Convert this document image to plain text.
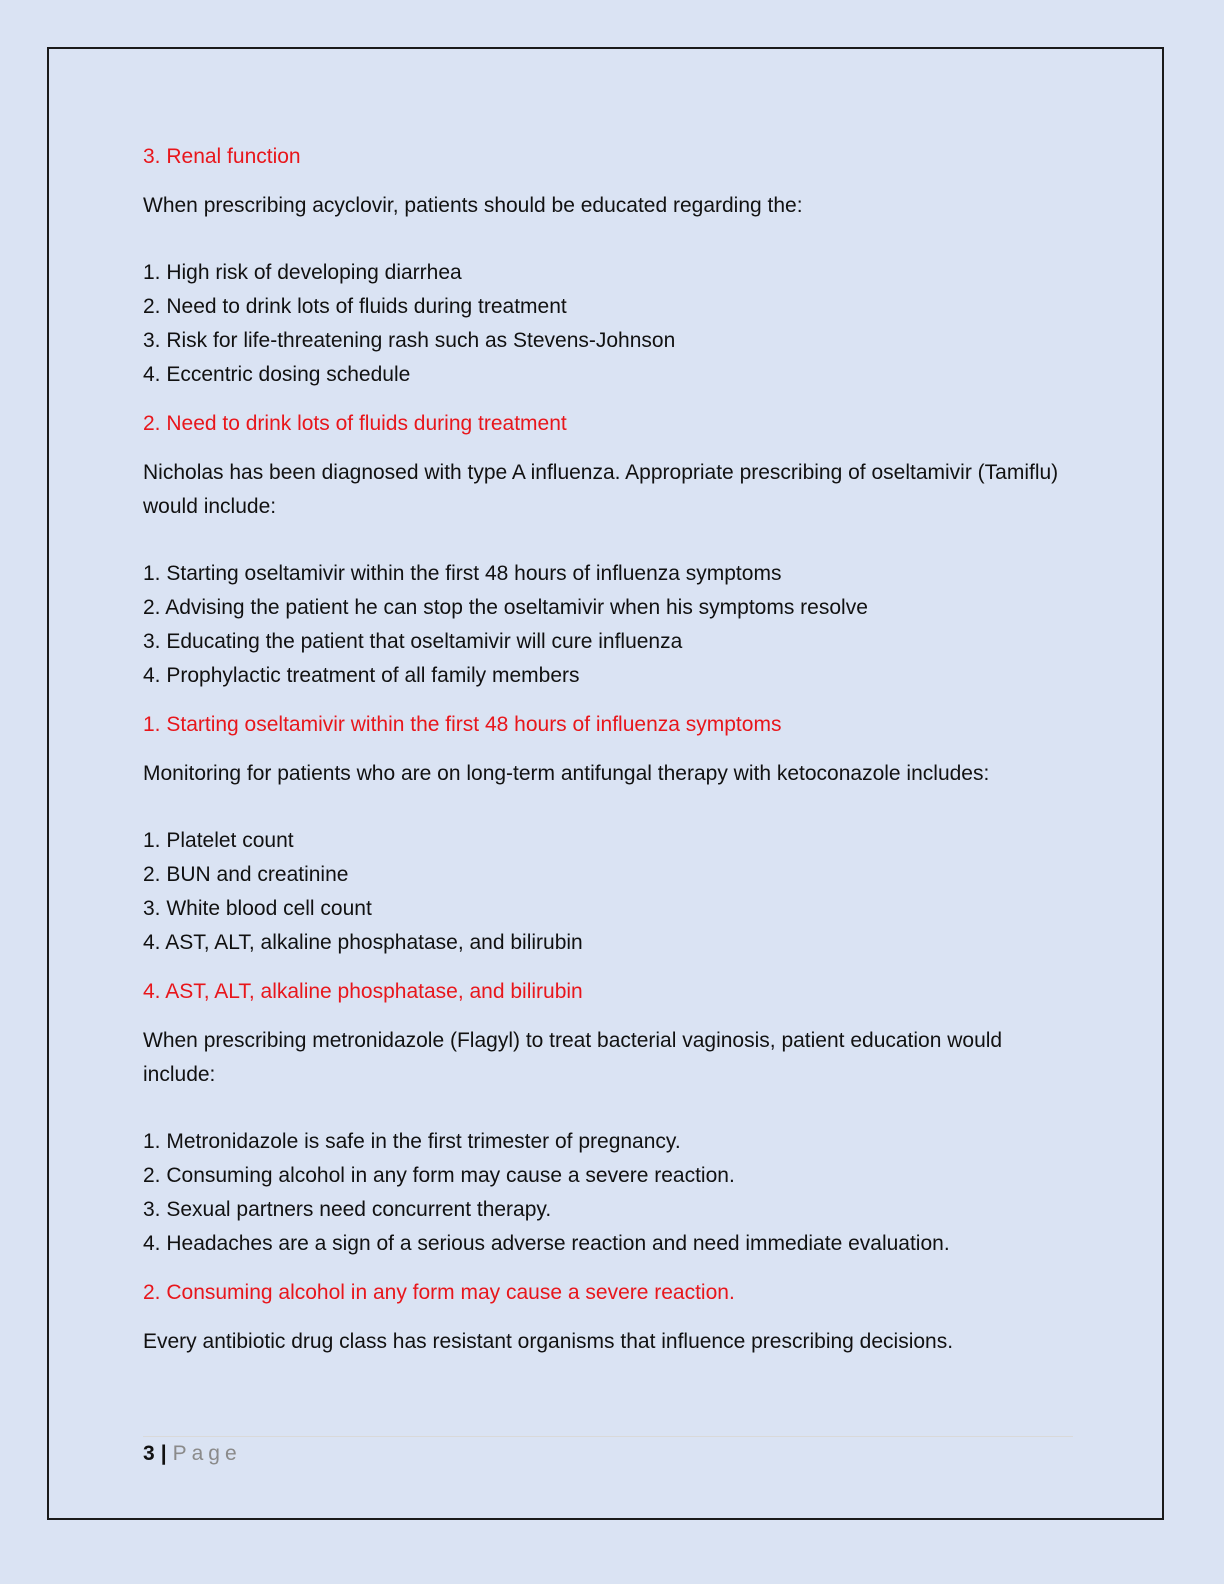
3. Renal function

When prescribing acyclovir, patients should be educated regarding the:

1. High risk of developing diarrhea
2. Need to drink lots of fluids during treatment
3. Risk for life-threatening rash such as Stevens-Johnson
4. Eccentric dosing schedule

2. Need to drink lots of fluids during treatment

Nicholas has been diagnosed with type A influenza. Appropriate prescribing of oseltamivir (Tamiflu) would include:

1. Starting oseltamivir within the first 48 hours of influenza symptoms
2. Advising the patient he can stop the oseltamivir when his symptoms resolve
3. Educating the patient that oseltamivir will cure influenza
4. Prophylactic treatment of all family members

1. Starting oseltamivir within the first 48 hours of influenza symptoms

Monitoring for patients who are on long-term antifungal therapy with ketoconazole includes:

1. Platelet count
2. BUN and creatinine
3. White blood cell count
4. AST, ALT, alkaline phosphatase, and bilirubin

4. AST, ALT, alkaline phosphatase, and bilirubin

When prescribing metronidazole (Flagyl) to treat bacterial vaginosis, patient education would include:

1. Metronidazole is safe in the first trimester of pregnancy.
2. Consuming alcohol in any form may cause a severe reaction.
3. Sexual partners need concurrent therapy.
4. Headaches are a sign of a serious adverse reaction and need immediate evaluation.

2. Consuming alcohol in any form may cause a severe reaction.

Every antibiotic drug class has resistant organisms that influence prescribing decisions.

3 | Page
